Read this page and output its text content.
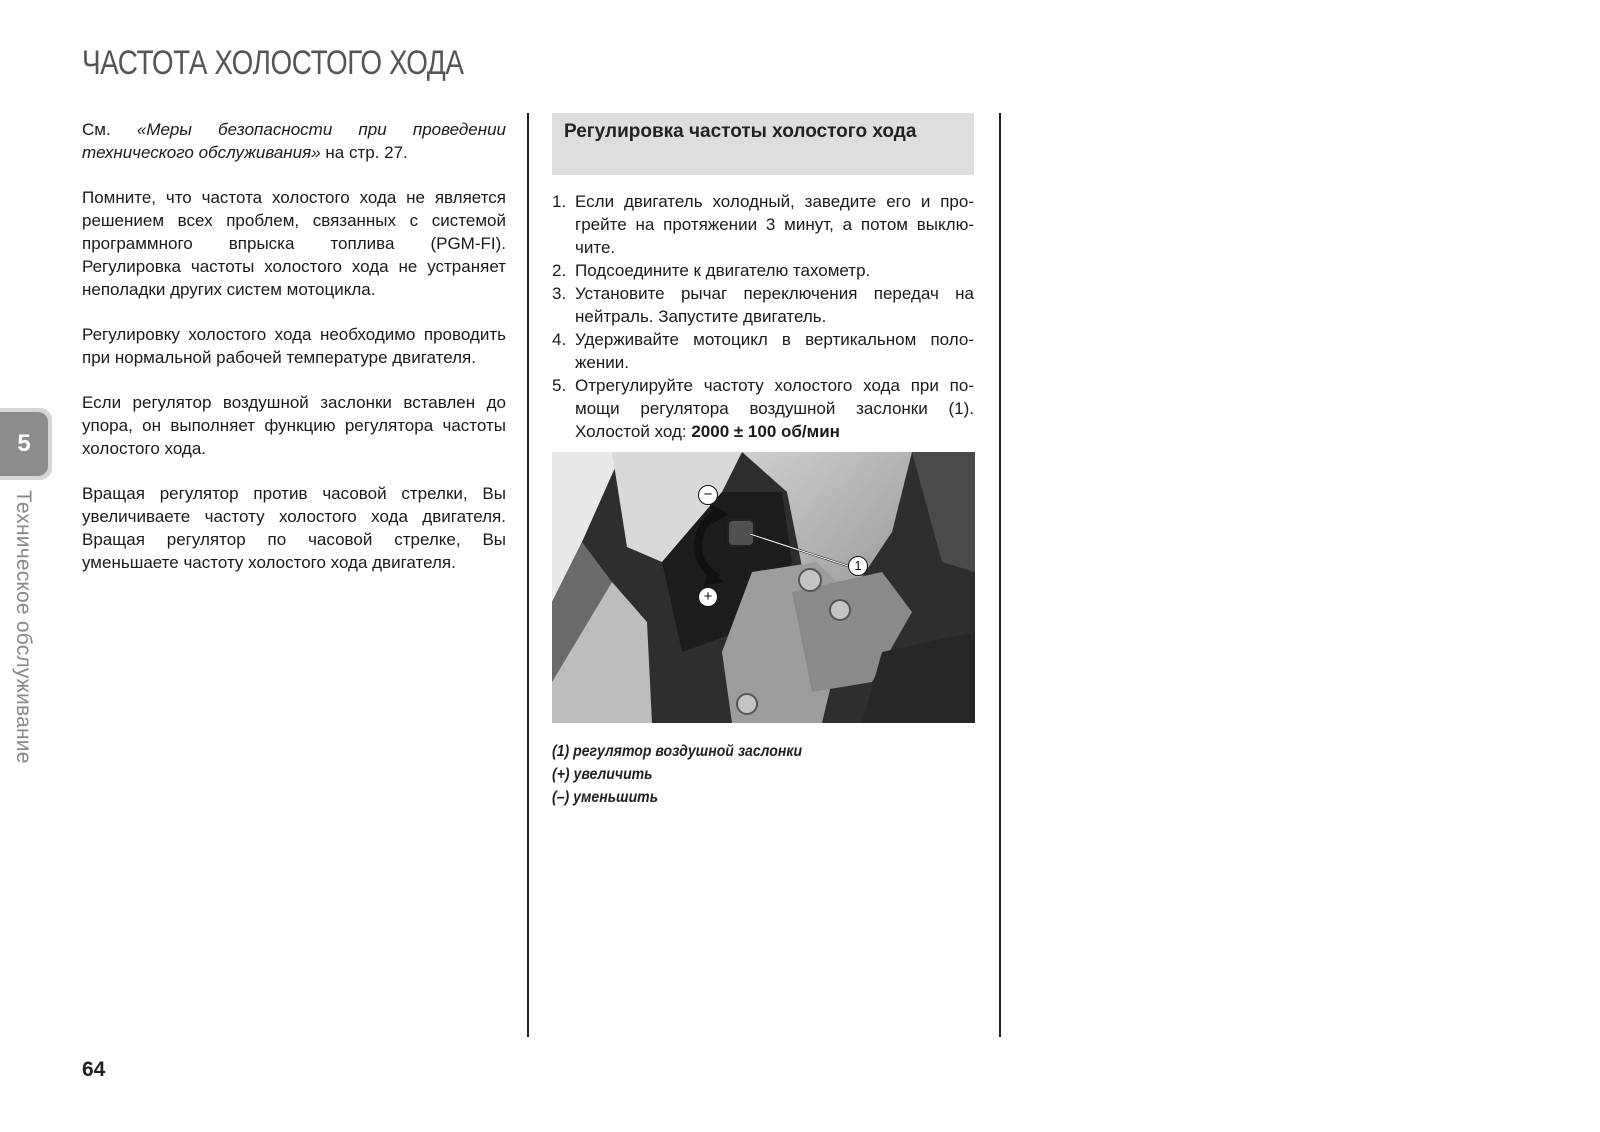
ЧАСТОТА ХОЛОСТОГО ХОДА

См. «Меры безопасности при проведении технического обслуживания» на стр. 27.

Помните, что частота холостого хода не является решением всех проблем, связанных с системой программного впрыска топлива (PGM-FI). Регулировка частоты холостого хода не устраняет неполадки других систем мотоцикла.

Регулировку холостого хода необходимо проводить при нормальной рабочей температуре двигателя.

Если регулятор воздушной заслонки вставлен до упора, он выполняет функцию регулятора частоты холостого хода.

Вращая регулятор против часовой стрелки, Вы увеличиваете частоту холостого хода двигателя. Вращая регулятор по часовой стрелке, Вы уменьшаете частоту холостого хода двигателя.

5
Техническое обслуживание
Регулировка частоты холостого хода
1. Если двигатель холодный, заведите его и прогрейте на протяжении 3 минут, а потом выключите.
2. Подсоедините к двигателю тахометр.
3. Установите рычаг переключения передач на нейтраль. Запустите двигатель.
4. Удерживайте мотоцикл в вертикальном положении.
5. Отрегулируйте частоту холостого хода при помощи регулятора воздушной заслонки (1). Холостой ход: 2000 ± 100 об/мин
−
+
1
(1) регулятор воздушной заслонки
(+) увеличить
(–) уменьшить
64
